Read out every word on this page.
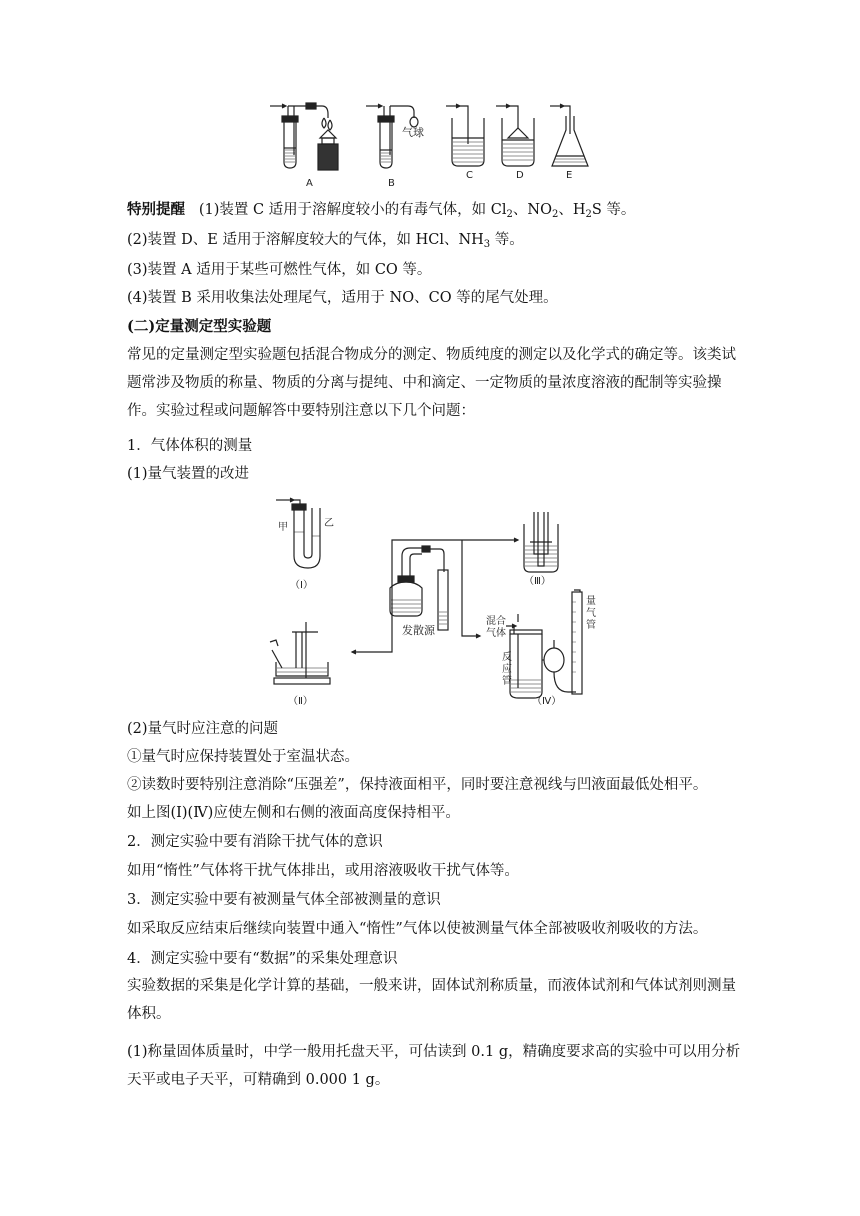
气球
A	B
C	D	E
特别提醒 (1)装置 C 适用于溶解度较小的有毒气体，如 $Cl_2$、$NO_2$、$H_2S$ 等。
(2)装置 D、E 适用于溶解度较大的气体，如 HCl、$NH_3$ 等。
(3)装置 A 适用于某些可燃性气体，如 CO 等。
(4)装置 B 采用收集法处理尾气，适用于 NO、CO 等的尾气处理。
(二)定量测定型实验题
常见的定量测定型实验题包括混合物成分的测定、物质纯度的测定以及化学式的确定等。该类试题常涉及物质的称量、物质的分离与提纯、中和滴定、一定物质的量浓度溶液的配制等实验操作。实验过程或问题解答中要特别注意以下几个问题：
1．气体体积的测量
(1)量气装置的改进
甲	乙
（Ⅰ）
（Ⅱ）
（Ⅲ）
（Ⅳ）
发散源
混合
气体
反
应
管
量
气
管
(2)量气时应注意的问题
①量气时应保持装置处于室温状态。
②读数时要特别注意消除“压强差”，保持液面相平，同时要注意视线与凹液面最低处相平。
如上图(Ⅰ)(Ⅳ)应使左侧和右侧的液面高度保持相平。
2．测定实验中要有消除干扰气体的意识
如用“惰性”气体将干扰气体排出，或用溶液吸收干扰气体等。
3．测定实验中要有被测量气体全部被测量的意识
如采取反应结束后继续向装置中通入“惰性”气体以使被测量气体全部被吸收剂吸收的方法。
4．测定实验中要有“数据”的采集处理意识
实验数据的采集是化学计算的基础，一般来讲，固体试剂称质量，而液体试剂和气体试剂则测量体积。
(1)称量固体质量时，中学一般用托盘天平，可估读到 0.1 g，精确度要求高的实验中可以用分析天平或电子天平，可精确到 0.000 1 g。
